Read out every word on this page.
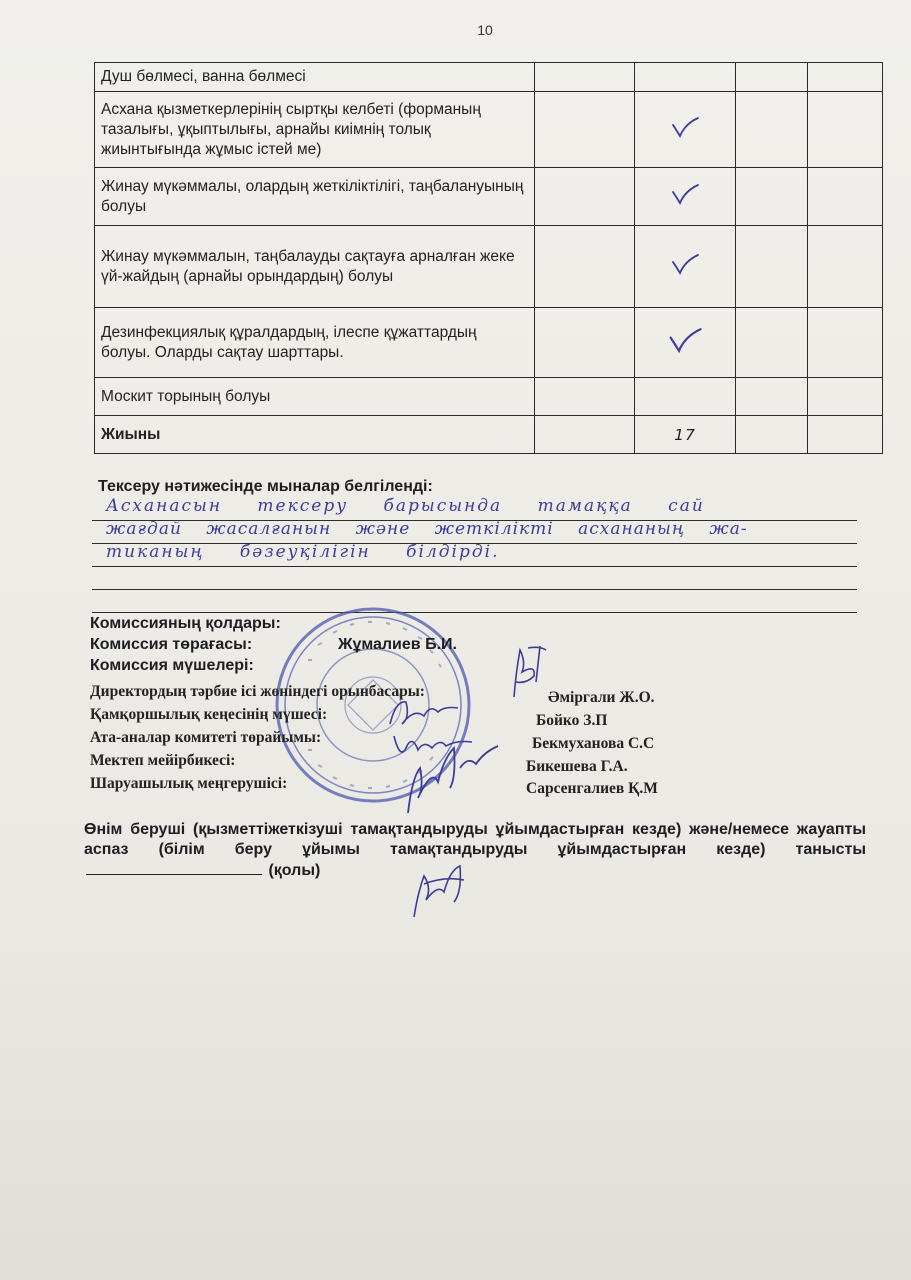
10
Душ бөлмесі, ванна бөлмесі				
Асхана қызметкерлерінің сыртқы келбеті (форманың тазалығы, ұқыптылығы, арнайы киімнің толық жиынтығында жұмыс істей ме)				
Жинау мүкәммалы, олардың жеткіліктілігі, таңбалануының болуы				
Жинау мүкәммалын, таңбалауды сақтауға арналған жеке үй-жайдың (арнайы орындардың) болуы				
Дезинфекциялық құралдардың, ілеспе құжаттардың болуы. Оларды сақтау шарттары.				
Москит торының болуы				
Жиыны		17		
Тексеру нәтижесінде мыналар белгіленді:
Асханасын тексеру барысында тамаққа сай
жағдай жасалғанын және жеткілікті асхананың жа-
тиканың бәзеуқілігін білдірді.
Комиссияның қолдары:
Комиссия төрағасы:	Жұмалиев Б.И.
Комиссия мүшелері:
Директордың тәрбие ісі жөніндегі орынбасары:	Әміргали Ж.О.
Қамқоршылық кеңесінің мүшесі:	Бойко З.П
Ата-аналар комитеті төрайымы:	Бекмуханова С.С
Мектеп мейірбикесі:	Бикешева Г.А.
Шаруашылық меңгерушісі:	Сарсенгалиев Қ.М
Өнім беруші (қызметтіжеткізуші тамақтандыруды ұйымдастырған кезде) және/немесе жауапты аспаз (білім беру ұйымы тамақтандыруды ұйымдастырған кезде) танысты  (қолы)
